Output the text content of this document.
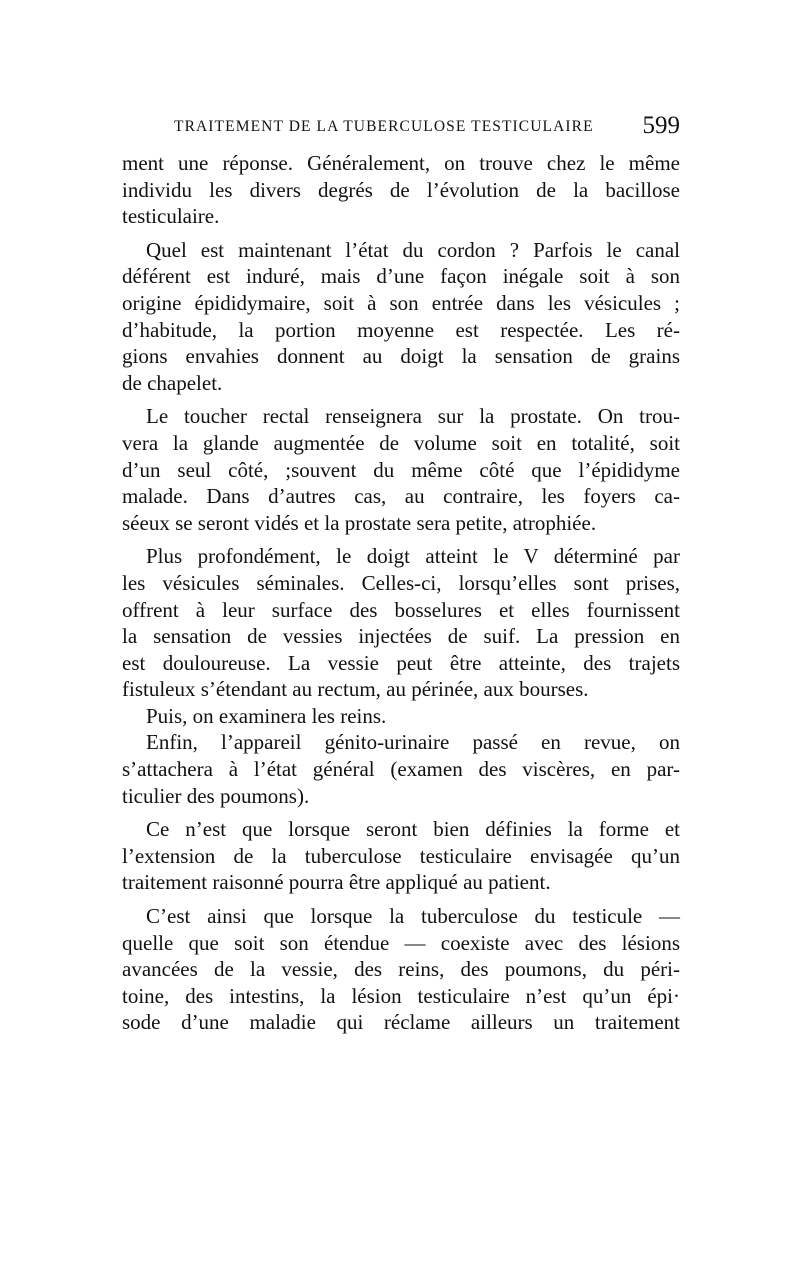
TRAITEMENT DE LA TUBERCULOSE TESTICULAIRE 599
ment une réponse. Généralement, on trouve chez le même
individu les divers degrés de l’évolution de la bacillose
testiculaire.
Quel est maintenant l’état du cordon ? Parfois le canal
déférent est induré, mais d’une façon inégale soit à son
origine épididymaire, soit à son entrée dans les vésicules ;
d’habitude, la portion moyenne est respectée. Les ré-
gions envahies donnent au doigt la sensation de grains
de chapelet.
Le toucher rectal renseignera sur la prostate. On trou-
vera la glande augmentée de volume soit en totalité, soit
d’un seul côté, ;souvent du même côté que l’épididyme
malade. Dans d’autres cas, au contraire, les foyers ca-
séeux se seront vidés et la prostate sera petite, atrophiée.
Plus profondément, le doigt atteint le V déterminé par
les vésicules séminales. Celles-ci, lorsqu’elles sont prises,
offrent à leur surface des bosselures et elles fournissent
la sensation de vessies injectées de suif. La pression en
est douloureuse. La vessie peut être atteinte, des trajets
fistuleux s’étendant au rectum, au périnée, aux bourses.
Puis, on examinera les reins.
Enfin, l’appareil génito-urinaire passé en revue, on
s’attachera à l’état général (examen des viscères, en par-
ticulier des poumons).
Ce n’est que lorsque seront bien définies la forme et
l’extension de la tuberculose testiculaire envisagée qu’un
traitement raisonné pourra être appliqué au patient.
C’est ainsi que lorsque la tuberculose du testicule —
quelle que soit son étendue — coexiste avec des lésions
avancées de la vessie, des reins, des poumons, du péri-
toine, des intestins, la lésion testiculaire n’est qu’un épi·
sode d’une maladie qui réclame ailleurs un traitement
